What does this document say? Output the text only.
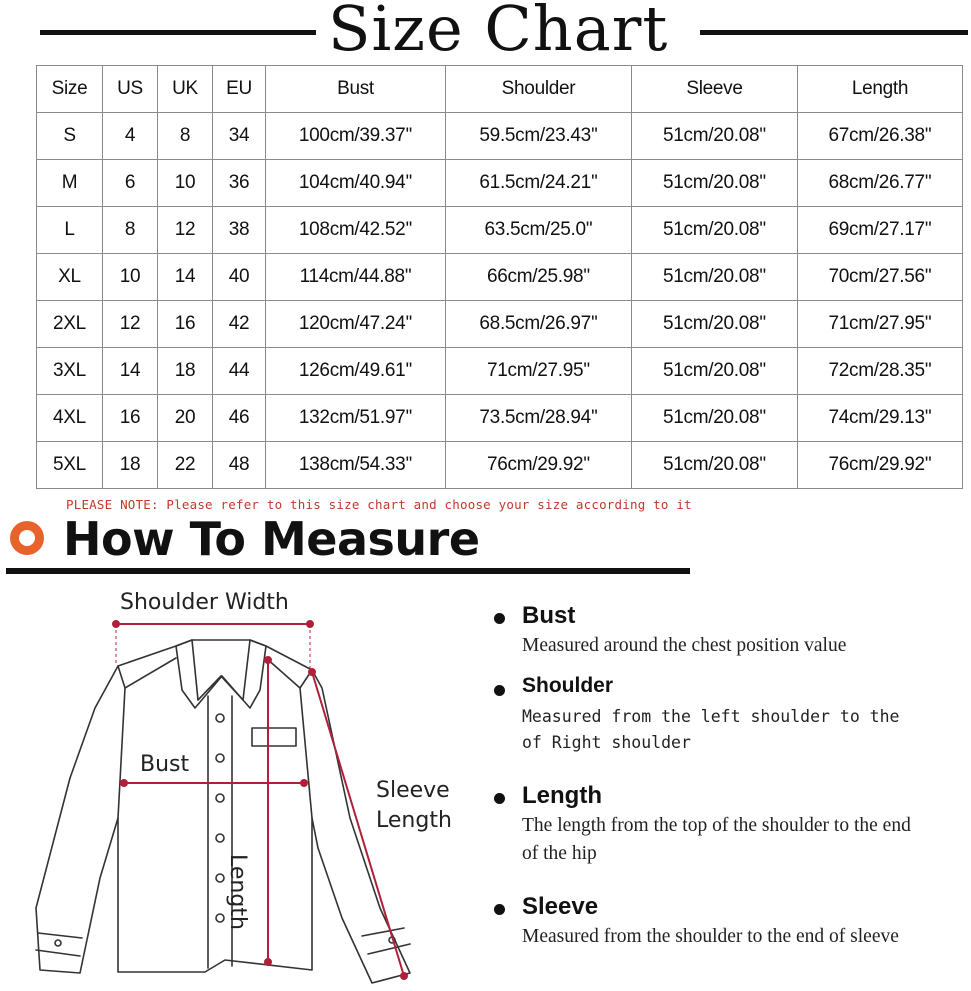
Size Chart
Size	US	UK	EU	Bust	Shoulder	Sleeve	Length
S	4	8	34	100cm/39.37''	59.5cm/23.43''	51cm/20.08''	67cm/26.38''
M	6	10	36	104cm/40.94''	61.5cm/24.21''	51cm/20.08''	68cm/26.77''
L	8	12	38	108cm/42.52''	63.5cm/25.0''	51cm/20.08''	69cm/27.17''
XL	10	14	40	114cm/44.88''	66cm/25.98''	51cm/20.08''	70cm/27.56''
2XL	12	16	42	120cm/47.24''	68.5cm/26.97''	51cm/20.08''	71cm/27.95''
3XL	14	18	44	126cm/49.61''	71cm/27.95''	51cm/20.08''	72cm/28.35''
4XL	16	20	46	132cm/51.97''	73.5cm/28.94''	51cm/20.08''	74cm/29.13''
5XL	18	22	48	138cm/54.33''	76cm/29.92''	51cm/20.08''	76cm/29.92''
PLEASE NOTE: Please refer to this size chart and choose your size according to it
How To Measure
Shoulder Width
Bust
Sleeve
Length
Length
Bust
Measured around the chest position value
Shoulder
Measured from the left shoulder to the of Right shoulder
Length
The length from the top of the shoulder to the end of the hip
Sleeve
Measured from the shoulder to the end of sleeve
